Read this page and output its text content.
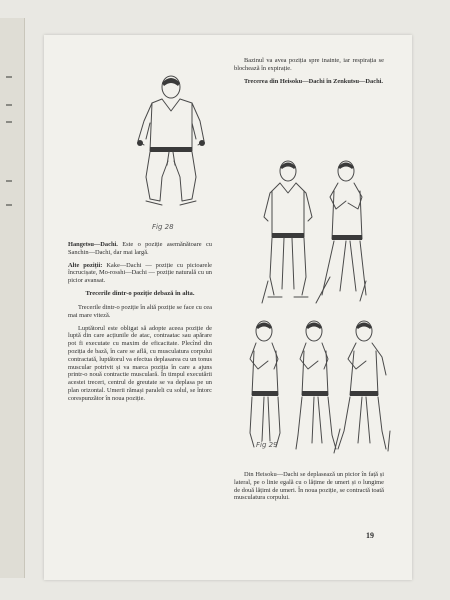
Fig 28

Hangetsu—Dachi. Este o poziție asemănătoare cu Sanchin—Dachi, dar mai largă.

Alte poziții: Kake—Dachi — poziție cu picioarele încrucișate, Mo-rosshi—Dachi — poziție naturală cu un picior avansat.

Trecerile dintr-o poziție debază în alta.

Trecerile dintr-o poziție în altă poziție se face cu cea mai mare viteză.

Luptătorul este obligat să adopte aceea poziție de luptă din care acțiunile de atac, contraatac sau apărare pot fi executate cu maxim de eficacitate. Plecînd din poziția de bază, în care se află, cu musculatura corpului contractată, luptătorul va efectua deplasarea cu un tonus muscular potrivit și va marca poziția în care a ajuns printr-o nouă contractie musculară. În timpul executării acestei treceri, centrul de greutate se va deplasa pe un plan orizontal. Umerii rămași paraleli cu solul, se întorc corespunzător în noua poziție.

Bazinul va avea poziția spre inainte, iar respirația se blochează în expirație.

Trecerea din Heisoku—Dachi în Zenkutsu—Dachi.

Fig 29

Din Heisoku—Dachi se deplasează un picior în față și lateral, pe o linie egală cu o lățime de umeri și o lungime de două lățimi de umeri. În noua poziție, se contractă toată musculatura corpului.

19
